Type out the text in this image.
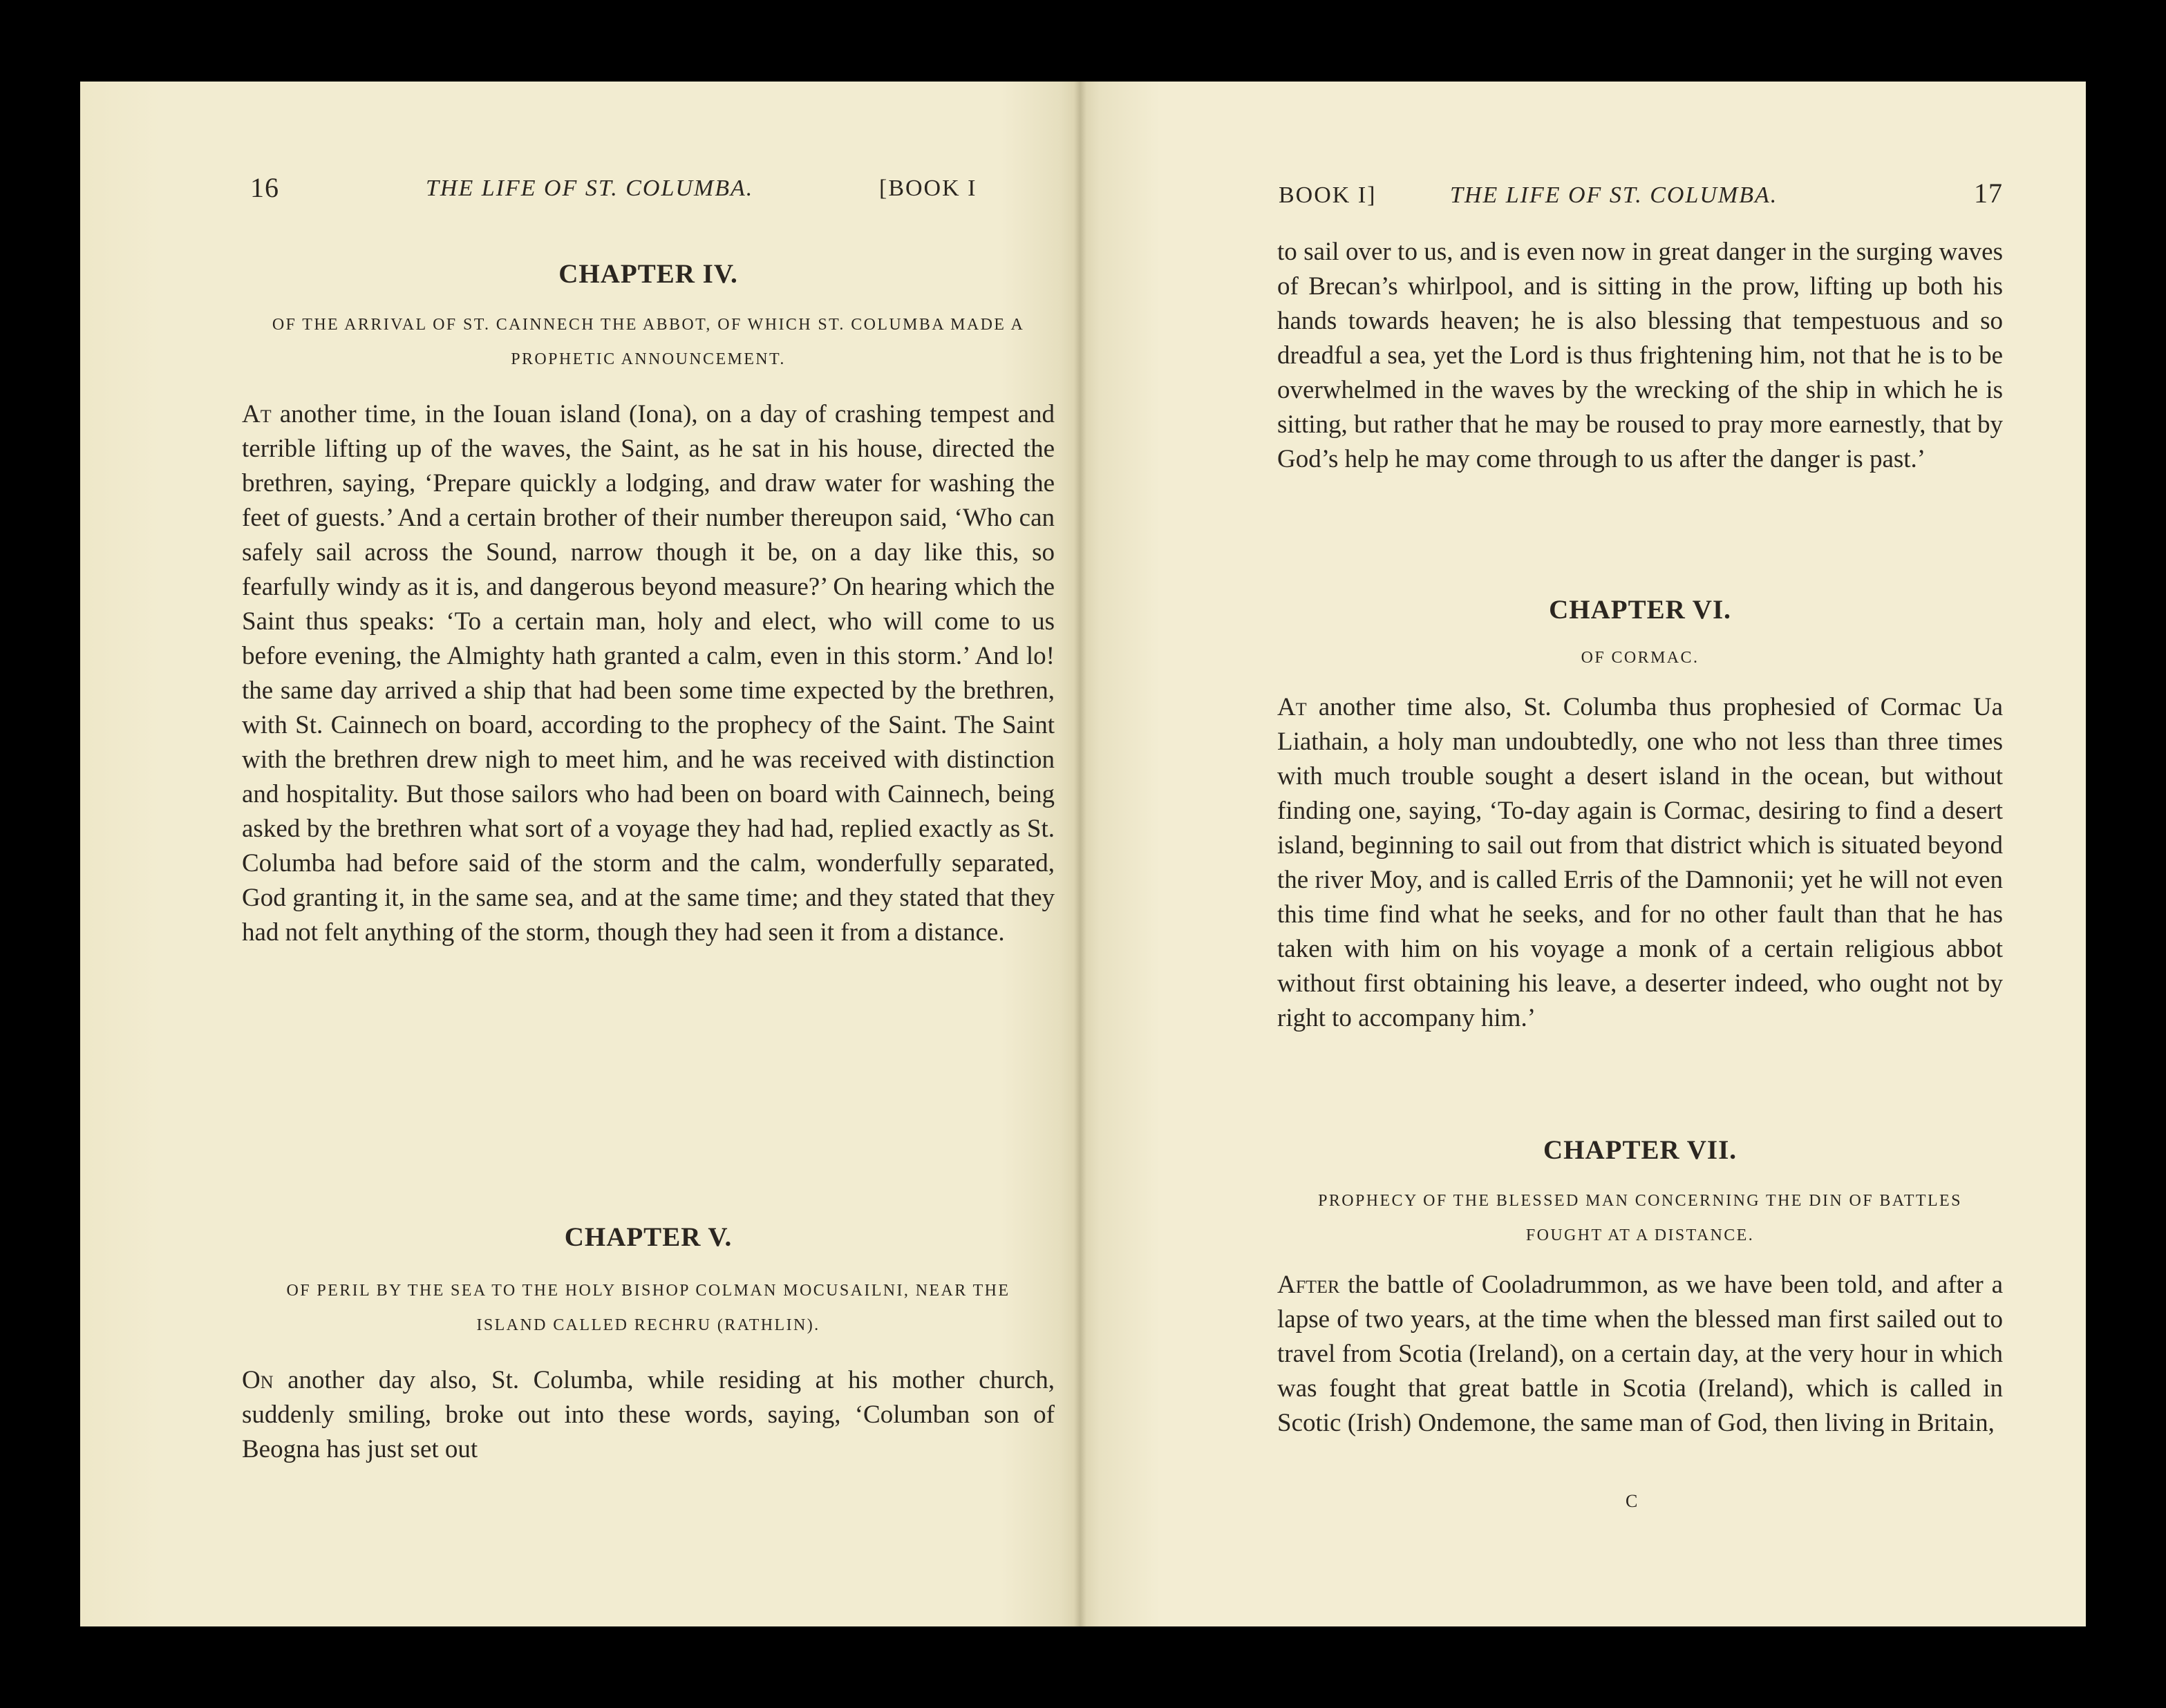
16	THE LIFE OF ST. COLUMBA.	[BOOK I
CHAPTER IV.

OF THE ARRIVAL OF ST. CAINNECH THE ABBOT, OF WHICH ST. COLUMBA MADE A PROPHETIC ANNOUNCEMENT.

At another time, in the Iouan island (Iona), on a day of crashing tempest and terrible lifting up of the waves, the Saint, as he sat in his house, directed the brethren, saying, ‘Prepare quickly a lodging, and draw water for washing the feet of guests.’ And a certain brother of their number thereupon said, ‘Who can safely sail across the Sound, narrow though it be, on a day like this, so fearfully windy as it is, and dangerous beyond measure?’ On hearing which the Saint thus speaks: ‘To a certain man, holy and elect, who will come to us before evening, the Almighty hath granted a calm, even in this storm.’ And lo! the same day arrived a ship that had been some time expected by the brethren, with St. Cainnech on board, according to the prophecy of the Saint. The Saint with the brethren drew nigh to meet him, and he was received with distinction and hospitality. But those sailors who had been on board with Cainnech, being asked by the brethren what sort of a voyage they had had, replied exactly as St. Columba had before said of the storm and the calm, wonderfully separated, God granting it, in the same sea, and at the same time; and they stated that they had not felt anything of the storm, though they had seen it from a distance.

CHAPTER V.

OF PERIL BY THE SEA TO THE HOLY BISHOP COLMAN MOCUSAILNI, NEAR THE ISLAND CALLED RECHRU (RATHLIN).

On another day also, St. Columba, while residing at his mother church, suddenly smiling, broke out into these words, saying, ‘Columban son of Beogna has just set out

BOOK I]	THE LIFE OF ST. COLUMBA.	17

to sail over to us, and is even now in great danger in the surging waves of Brecan’s whirlpool, and is sitting in the prow, lifting up both his hands towards heaven; he is also blessing that tempestuous and so dreadful a sea, yet the Lord is thus frightening him, not that he is to be overwhelmed in the waves by the wrecking of the ship in which he is sitting, but rather that he may be roused to pray more earnestly, that by God’s help he may come through to us after the danger is past.’

CHAPTER VI.

OF CORMAC.

At another time also, St. Columba thus prophesied of Cormac Ua Liathain, a holy man undoubtedly, one who not less than three times with much trouble sought a desert island in the ocean, but without finding one, saying, ‘To-day again is Cormac, desiring to find a desert island, beginning to sail out from that district which is situated beyond the river Moy, and is called Erris of the Damnonii; yet he will not even this time find what he seeks, and for no other fault than that he has taken with him on his voyage a monk of a certain religious abbot without first obtaining his leave, a deserter indeed, who ought not by right to accompany him.’

CHAPTER VII.

PROPHECY OF THE BLESSED MAN CONCERNING THE DIN OF BATTLES FOUGHT AT A DISTANCE.

After the battle of Cooladrummon, as we have been told, and after a lapse of two years, at the time when the blessed man first sailed out to travel from Scotia (Ireland), on a certain day, at the very hour in which was fought that great battle in Scotia (Ireland), which is called in Scotic (Irish) Ondemone, the same man of God, then living in Britain,

C
